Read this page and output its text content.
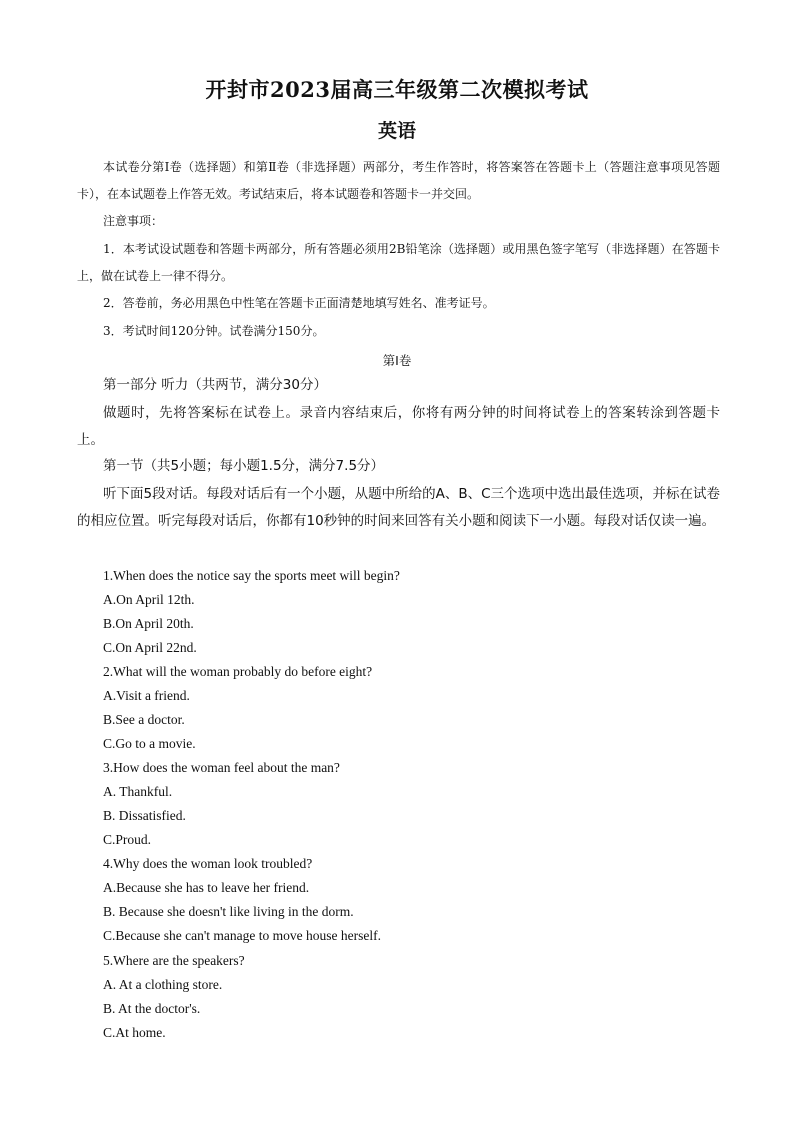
开封市2023届高三年级第二次模拟考试
英语
本试卷分第Ⅰ卷（选择题）和第Ⅱ卷（非选择题）两部分，考生作答时，将答案答在答题卡上（答题注意事项见答题卡），在本试题卷上作答无效。考试结束后，将本试题卷和答题卡一并交回。
注意事项：
1．本考试设试题卷和答题卡两部分，所有答题必须用2B铅笔涂（选择题）或用黑色签字笔写（非选择题）在答题卡上，做在试卷上一律不得分。
2．答卷前，务必用黑色中性笔在答题卡正面清楚地填写姓名、准考证号。
3．考试时间120分钟。试卷满分150分。
第Ⅰ卷
第一部分 听力（共两节，满分30分）
做题时，先将答案标在试卷上。录音内容结束后，你将有两分钟的时间将试卷上的答案转涂到答题卡上。
第一节（共5小题；每小题1.5分，满分7.5分）
听下面5段对话。每段对话后有一个小题，从题中所给的A、B、C三个选项中选出最佳选项，并标在试卷的相应位置。听完每段对话后，你都有10秒钟的时间来回答有关小题和阅读下一小题。每段对话仅读一遍。
1.When does the notice say the sports meet will begin?
A.On April 12th.
B.On April 20th.
C.On April 22nd.
2.What will the woman probably do before eight?
A.Visit a friend.
B.See a doctor.
C.Go to a movie.
3.How does the woman feel about the man?
A. Thankful.
B. Dissatisfied.
C.Proud.
4.Why does the woman look troubled?
A.Because she has to leave her friend.
B. Because she doesn't like living in the dorm.
C.Because she can't manage to move house herself.
5.Where are the speakers?
A. At a clothing store.
B. At the doctor's.
C.At home.
